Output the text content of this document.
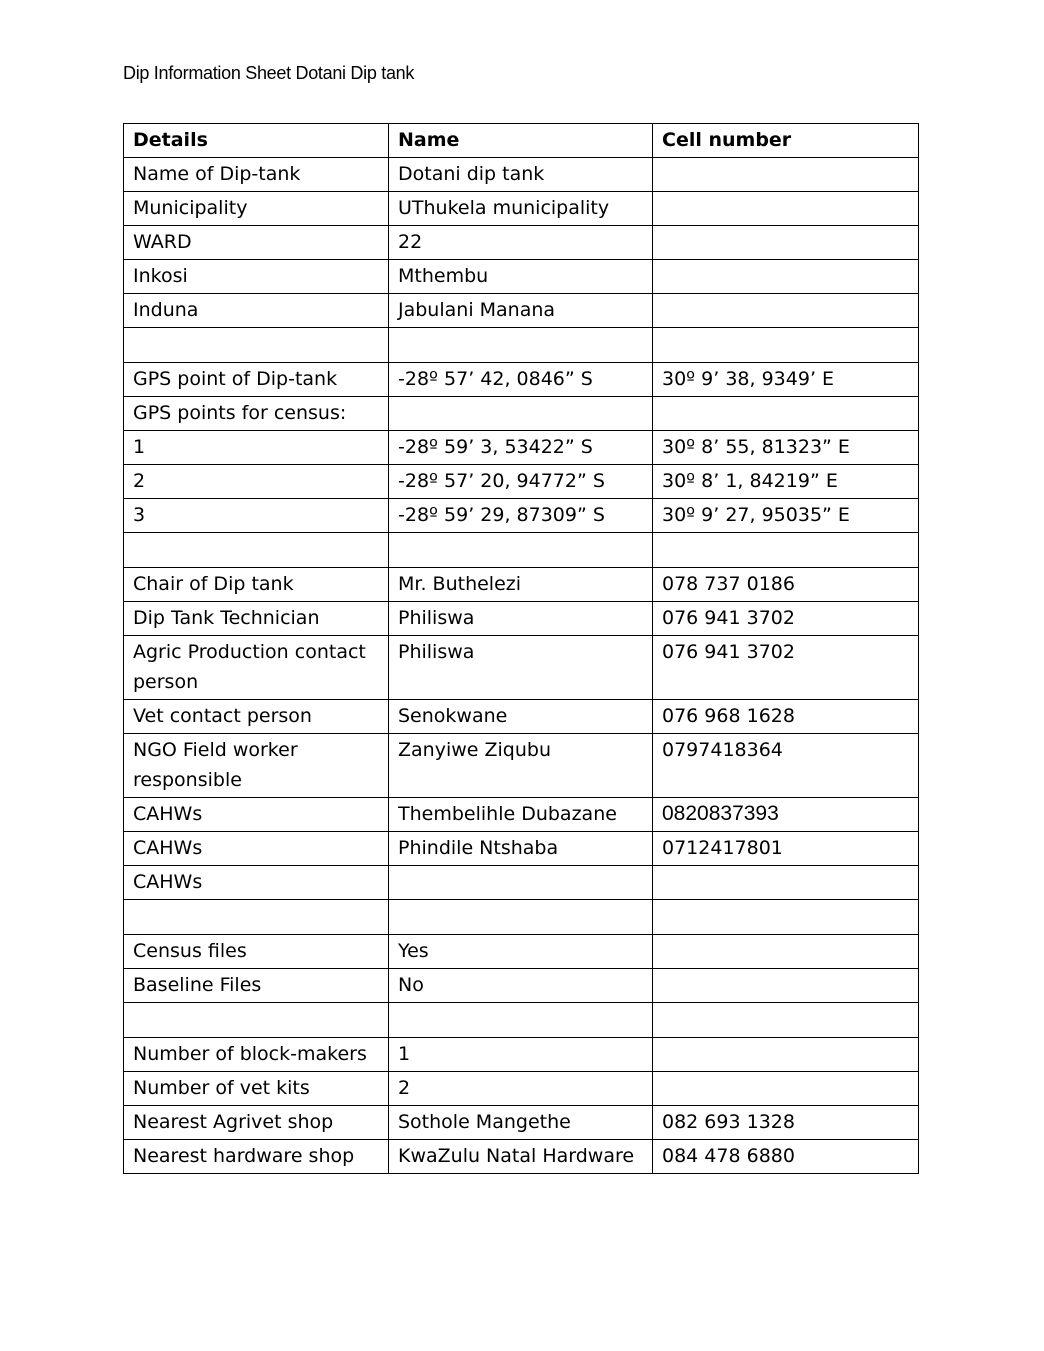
Dip Information Sheet Dotani Dip tank
Details	Name	Cell number
Name of Dip-tank	Dotani dip tank	
Municipality	UThukela municipality	
WARD	22	
Inkosi	Mthembu	
Induna	Jabulani Manana	

GPS point of Dip-tank	-28º 57’ 42, 0846” S	30º 9’ 38, 9349’ E
GPS points for census:		
1	-28º 59’ 3, 53422” S	30º 8’ 55, 81323” E
2	-28º 57’ 20, 94772” S	30º 8’ 1, 84219” E
3	-28º 59’ 29, 87309” S	30º 9’ 27, 95035” E

Chair of Dip tank	Mr. Buthelezi	078 737 0186
Dip Tank Technician	Philiswa	076 941 3702
Agric Production contact person	Philiswa	076 941 3702
Vet contact person	Senokwane	076 968 1628
NGO Field worker responsible	Zanyiwe Ziqubu	0797418364
CAHWs	Thembelihle Dubazane	0820837393
CAHWs	Phindile Ntshaba	0712417801
CAHWs		

Census files	Yes	
Baseline Files	No	

Number of block-makers	1	
Number of vet kits	2	
Nearest Agrivet shop	Sothole Mangethe	082 693 1328
Nearest hardware shop	KwaZulu Natal Hardware	084 478 6880
